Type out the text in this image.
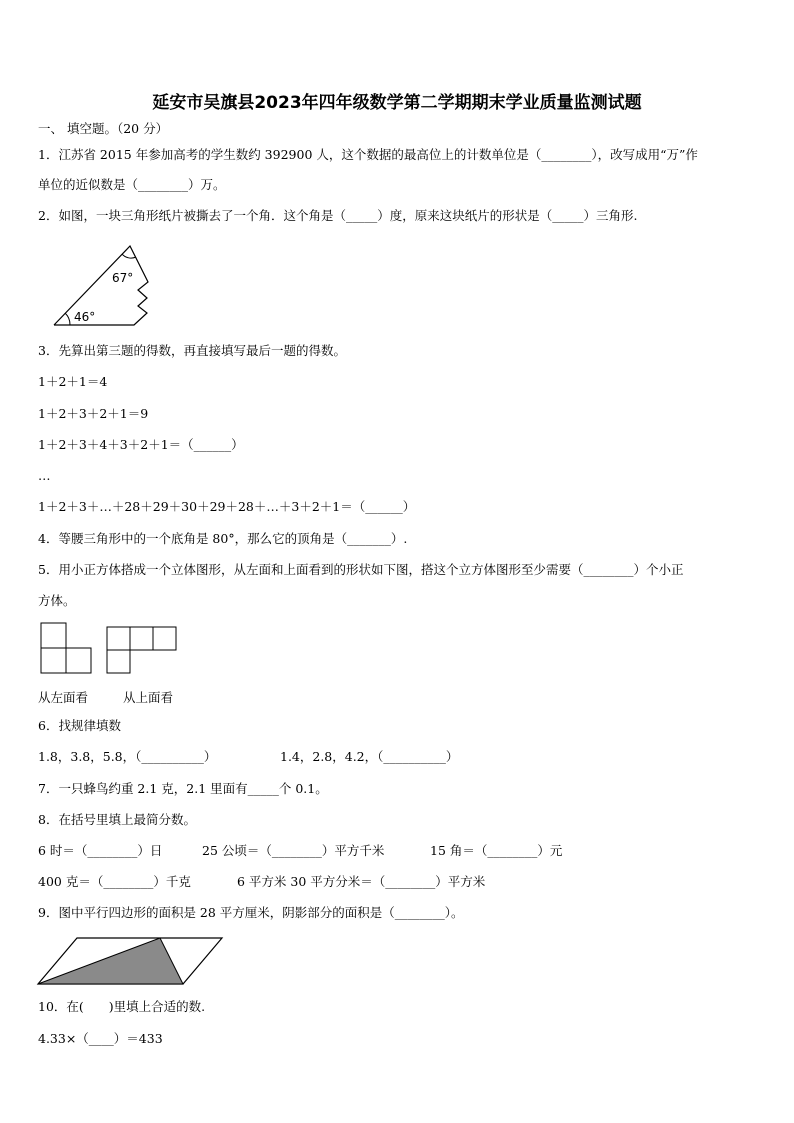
延安市吴旗县2023年四年级数学第二学期期末学业质量监测试题
一、 填空题。（20 分）
1．江苏省 2015 年参加高考的学生数约 392900 人，这个数据的最高位上的计数单位是（________），改写成用“万”作
单位的近似数是（________）万。
2．如图，一块三角形纸片被撕去了一个角．这个角是（_____）度，原来这块纸片的形状是（_____）三角形.
67°
46°
3．先算出第三题的得数，再直接填写最后一题的得数。
1＋2＋1＝4
1＋2＋3＋2＋1＝9
1＋2＋3＋4＋3＋2＋1＝（______）
…
1＋2＋3＋…＋28＋29＋30＋29＋28＋…＋3＋2＋1＝（______）
4．等腰三角形中的一个底角是 80°，那么它的顶角是（_______）.
5．用小正方体搭成一个立体图形，从左面和上面看到的形状如下图，搭这个立方体图形至少需要（________）个小正
方体。
从左面看	从上面看
6．找规律填数
1.8，3.8，5.8，（__________）	1.4，2.8，4.2，（__________）
7．一只蜂鸟约重 2.1 克，2.1 里面有_____个 0.1。
8．在括号里填上最简分数。
6 时＝（________）日	25 公顷＝（________）平方千米	15 角＝（________）元
400 克＝（________）千克	6 平方米 30 平方分米＝（________）平方米
9．图中平行四边形的面积是 28 平方厘米，阴影部分的面积是（________）。
10．在(　　)里填上合适的数.
4.33×（____）＝433
